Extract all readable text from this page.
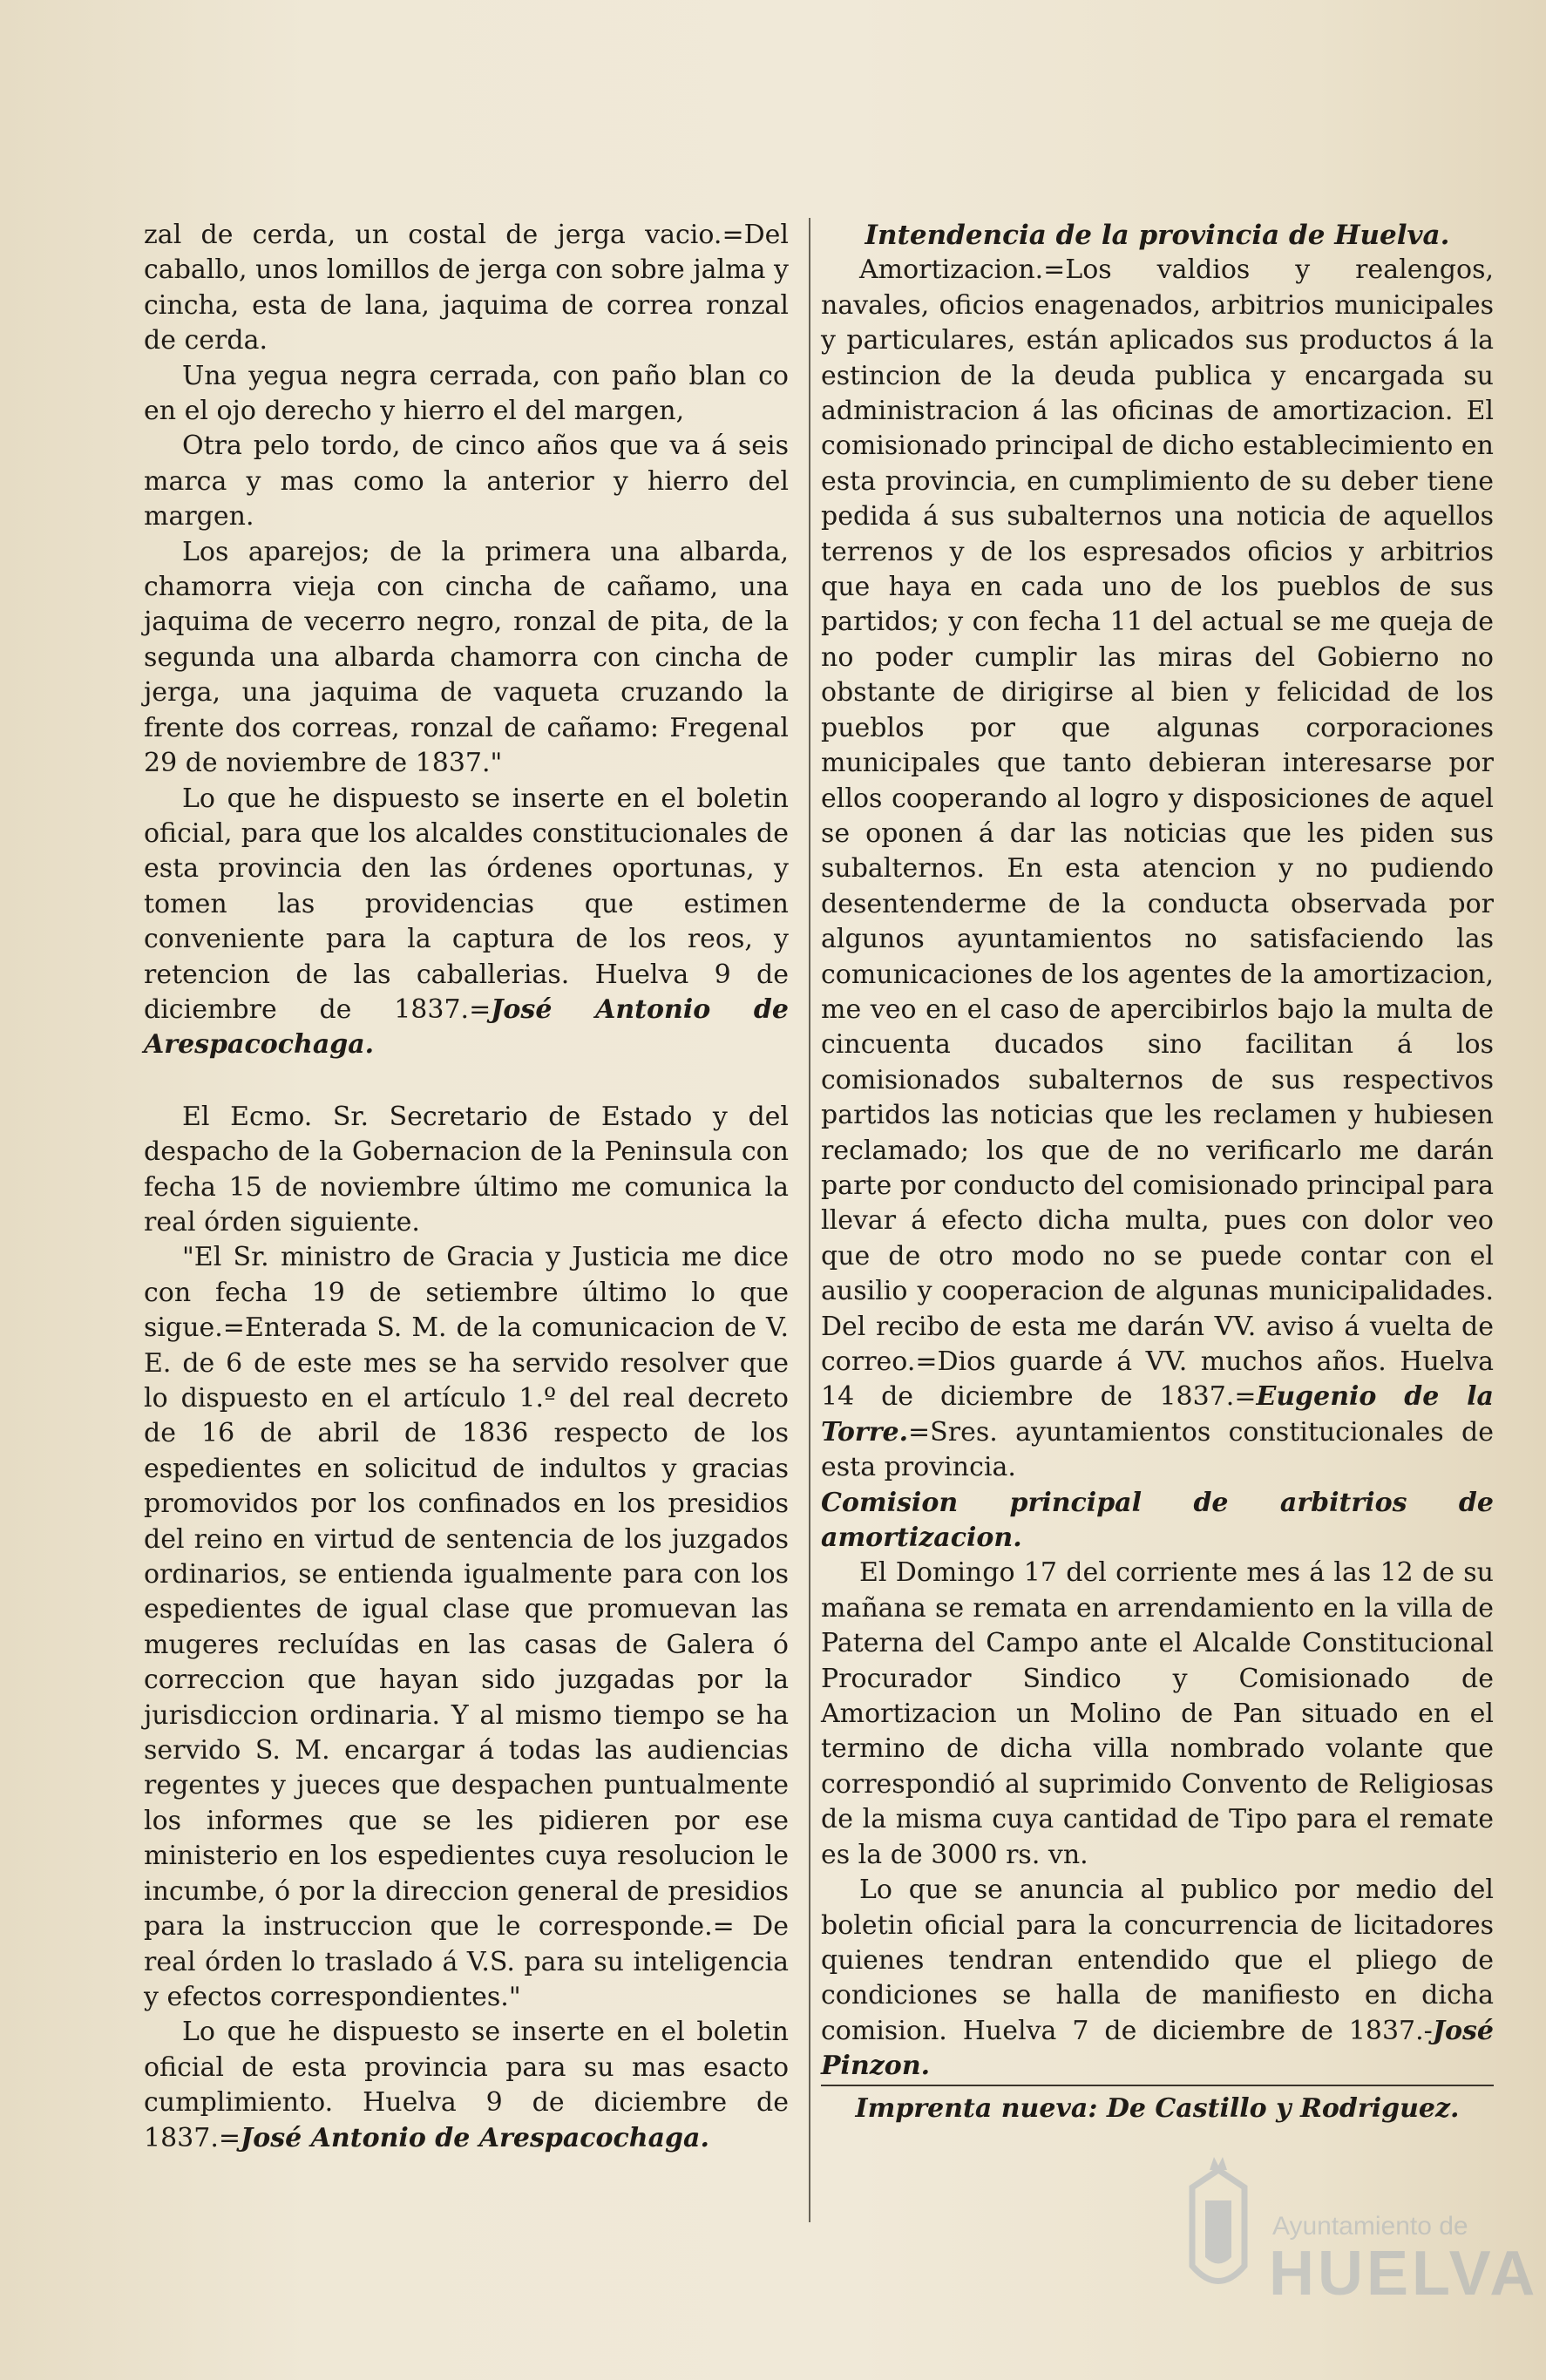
zal de cerda, un costal de jerga vacio.=Del caballo, unos lomillos de jerga con sobre jalma y cincha, esta de lana, jaquima de correa ronzal de cerda.

Una yegua negra cerrada, con paño blan co en el ojo derecho y hierro el del margen,

Otra pelo tordo, de cinco años que va á seis marca y mas como la anterior y hierro del margen.

Los aparejos; de la primera una albarda, chamorra vieja con cincha de cañamo, una jaquima de vecerro negro, ronzal de pita, de la segunda una albarda chamorra con cincha de jerga, una jaquima de vaqueta cruzando la frente dos correas, ronzal de cañamo: Fregenal 29 de noviembre de 1837."

Lo que he dispuesto se inserte en el boletin oficial, para que los alcaldes constitucionales de esta provincia den las órdenes oportunas, y tomen las providencias que estimen conveniente para la captura de los reos, y retencion de las caballerias. Huelva 9 de diciembre de 1837.=José Antonio de Arespacochaga.

El Ecmo. Sr. Secretario de Estado y del despacho de la Gobernacion de la Peninsula con fecha 15 de noviembre último me comunica la real órden siguiente.

"El Sr. ministro de Gracia y Justicia me dice con fecha 19 de setiembre último lo que sigue.=Enterada S. M. de la comunicacion de V. E. de 6 de este mes se ha servido resolver que lo dispuesto en el artículo 1.º del real decreto de 16 de abril de 1836 respecto de los espedientes en solicitud de indultos y gracias promovidos por los confinados en los presidios del reino en virtud de sentencia de los juzgados ordinarios, se entienda igualmente para con los espedientes de igual clase que promuevan las mugeres recluídas en las casas de Galera ó correccion que hayan sido juzgadas por la jurisdiccion ordinaria. Y al mismo tiempo se ha servido S. M. encargar á todas las audiencias regentes y jueces que despachen puntualmente los informes que se les pidieren por ese ministerio en los espedientes cuya resolucion le incumbe, ó por la direccion general de presidios para la instruccion que le corresponde.= De real órden lo traslado á V.S. para su inteligencia y efectos correspondientes."

Lo que he dispuesto se inserte en el boletin oficial de esta provincia para su mas esacto cumplimiento. Huelva 9 de diciembre de 1837.=José Antonio de Arespacochaga.

Intendencia de la provincia de Huelva.

Amortizacion.=Los valdios y realengos, navales, oficios enagenados, arbitrios municipales y particulares, están aplicados sus productos á la estincion de la deuda publica y encargada su administracion á las oficinas de amortizacion. El comisionado principal de dicho establecimiento en esta provincia, en cumplimiento de su deber tiene pedida á sus subalternos una noticia de aquellos terrenos y de los espresados oficios y arbitrios que haya en cada uno de los pueblos de sus partidos; y con fecha 11 del actual se me queja de no poder cumplir las miras del Gobierno no obstante de dirigirse al bien y felicidad de los pueblos por que algunas corporaciones municipales que tanto debieran interesarse por ellos cooperando al logro y disposiciones de aquel se oponen á dar las noticias que les piden sus subalternos. En esta atencion y no pudiendo desentenderme de la conducta observada por algunos ayuntamientos no satisfaciendo las comunicaciones de los agentes de la amortizacion, me veo en el caso de apercibirlos bajo la multa de cincuenta ducados sino facilitan á los comisionados subalternos de sus respectivos partidos las noticias que les reclamen y hubiesen reclamado; los que de no verificarlo me darán parte por conducto del comisionado principal para llevar á efecto dicha multa, pues con dolor veo que de otro modo no se puede contar con el ausilio y cooperacion de algunas municipalidades. Del recibo de esta me darán VV. aviso á vuelta de correo.=Dios guarde á VV. muchos años. Huelva 14 de diciembre de 1837.=Eugenio de la Torre.=Sres. ayuntamientos constitucionales de esta provincia.

Comision principal de arbitrios de amortizacion.

El Domingo 17 del corriente mes á las 12 de su mañana se remata en arrendamiento en la villa de Paterna del Campo ante el Alcalde Constitucional Procurador Sindico y Comisionado de Amortizacion un Molino de Pan situado en el termino de dicha villa nombrado volante que correspondió al suprimido Convento de Religiosas de la misma cuya cantidad de Tipo para el remate es la de 3000 rs. vn.

Lo que se anuncia al publico por medio del boletin oficial para la concurrencia de licitadores quienes tendran entendido que el pliego de condiciones se halla de manifiesto en dicha comision. Huelva 7 de diciembre de 1837.-José Pinzon.

Imprenta nueva: De Castillo y Rodriguez.

Ayuntamiento de
HUELVA
